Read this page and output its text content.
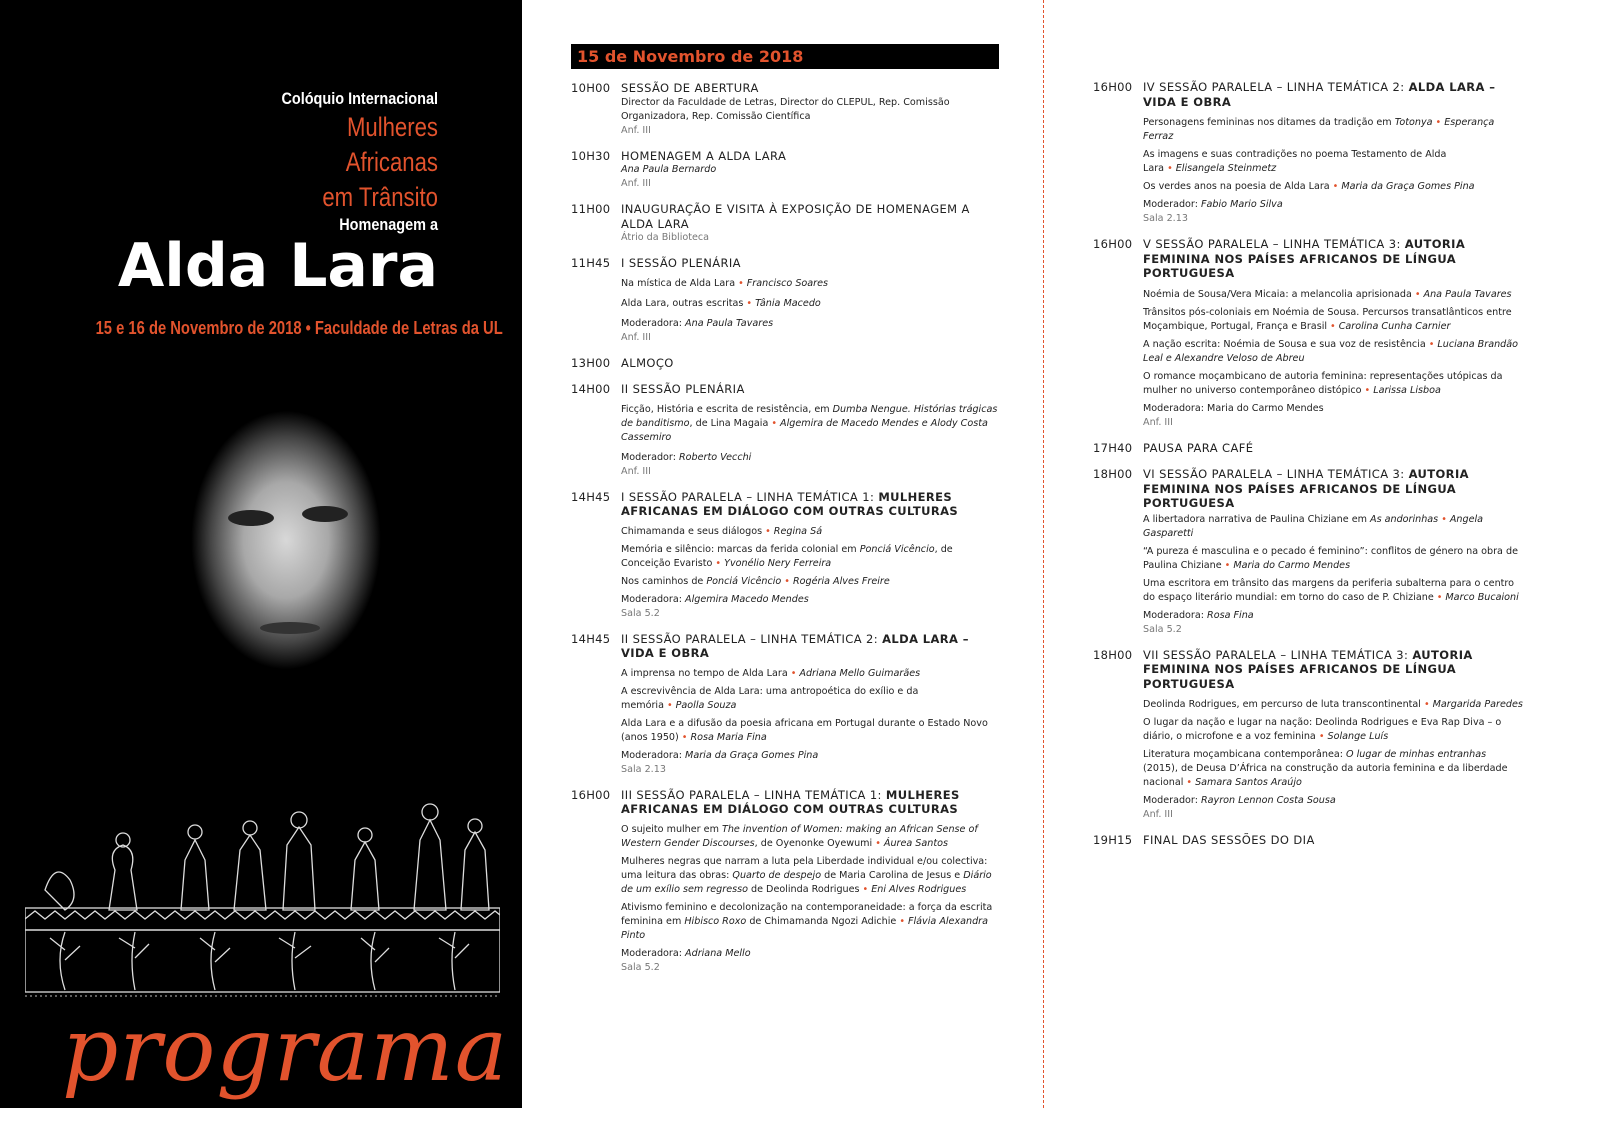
Colóquio Internacional
Mulheres
Africanas
em Trânsito
Homenagem a
Alda Lara
15 e 16 de Novembro de 2018 • Faculdade de Letras da UL
programa
15 de Novembro de 2018
10H00 SESSÃO DE ABERTURA
Director da Faculdade de Letras, Director do CLEPUL, Rep. Comissão Organizadora, Rep. Comissão Científica
Anf. III
10H30 HOMENAGEM A ALDA LARA
Ana Paula Bernardo
Anf. III
11H00 INAUGURAÇÃO E VISITA À EXPOSIÇÃO DE HOMENAGEM A ALDA LARA
Átrio da Biblioteca
11H45 I SESSÃO PLENÁRIA
Na mística de Alda Lara • Francisco Soares
Alda Lara, outras escritas • Tânia Macedo
Moderadora: Ana Paula Tavares
Anf. III
13H00 ALMOÇO
14H00 II SESSÃO PLENÁRIA
Ficção, História e escrita de resistência, em Dumba Nengue. Histórias trágicas de banditismo, de Lina Magaia • Algemira de Macedo Mendes e Alody Costa Cassemiro
Moderador: Roberto Vecchi
Anf. III
14H45 I SESSÃO PARALELA – LINHA TEMÁTICA 1: MULHERES AFRICANAS EM DIÁLOGO COM OUTRAS CULTURAS
Chimamanda e seus diálogos • Regina Sá
Memória e silêncio: marcas da ferida colonial em Ponciá Vicêncio, de Conceição Evaristo • Yvonélio Nery Ferreira
Nos caminhos de Ponciá Vicêncio • Rogéria Alves Freire
Moderadora: Algemira Macedo Mendes
Sala 5.2
14H45 II SESSÃO PARALELA – LINHA TEMÁTICA 2: ALDA LARA – VIDA E OBRA
A imprensa no tempo de Alda Lara • Adriana Mello Guimarães
A escrevivência de Alda Lara: uma antropoética do exílio e da memória • Paolla Souza
Alda Lara e a difusão da poesia africana em Portugal durante o Estado Novo (anos 1950) • Rosa Maria Fina
Moderadora: Maria da Graça Gomes Pina
Sala 2.13
16H00 III SESSÃO PARALELA – LINHA TEMÁTICA 1: MULHERES AFRICANAS EM DIÁLOGO COM OUTRAS CULTURAS
O sujeito mulher em The invention of Women: making an African Sense of Western Gender Discourses, de Oyenonke Oyewumi • Áurea Santos
Mulheres negras que narram a luta pela Liberdade individual e/ou colectiva: uma leitura das obras: Quarto de despejo de Maria Carolina de Jesus e Diário de um exílio sem regresso de Deolinda Rodrigues • Eni Alves Rodrigues
Ativismo feminino e decolonização na contemporaneidade: a força da escrita feminina em Hibisco Roxo de Chimamanda Ngozi Adichie • Flávia Alexandra Pinto
Moderadora: Adriana Mello
Sala 5.2
16H00 IV SESSÃO PARALELA – LINHA TEMÁTICA 2: ALDA LARA – VIDA E OBRA
Personagens femininas nos ditames da tradição em Totonya • Esperança Ferraz
As imagens e suas contradições no poema Testamento de Alda Lara • Elisangela Steinmetz
Os verdes anos na poesia de Alda Lara • Maria da Graça Gomes Pina
Moderador: Fabio Mario Silva
Sala 2.13
16H00 V SESSÃO PARALELA – LINHA TEMÁTICA 3: AUTORIA FEMININA NOS PAÍSES AFRICANOS DE LÍNGUA PORTUGUESA
Noémia de Sousa/Vera Micaia: a melancolia aprisionada • Ana Paula Tavares
Trânsitos pós-coloniais em Noémia de Sousa. Percursos transatlânticos entre Moçambique, Portugal, França e Brasil • Carolina Cunha Carnier
A nação escrita: Noémia de Sousa e sua voz de resistência • Luciana Brandão Leal e Alexandre Veloso de Abreu
O romance moçambicano de autoria feminina: representações utópicas da mulher no universo contemporâneo distópico • Larissa Lisboa
Moderadora: Maria do Carmo Mendes
Anf. III
17H40 PAUSA PARA CAFÉ
18H00 VI SESSÃO PARALELA – LINHA TEMÁTICA 3: AUTORIA FEMININA NOS PAÍSES AFRICANOS DE LÍNGUA PORTUGUESA
A libertadora narrativa de Paulina Chiziane em As andorinhas • Angela Gasparetti
“A pureza é masculina e o pecado é feminino”: conflitos de género na obra de Paulina Chiziane • Maria do Carmo Mendes
Uma escritora em trânsito das margens da periferia subalterna para o centro do espaço literário mundial: em torno do caso de P. Chiziane • Marco Bucaioni
Moderadora: Rosa Fina
Sala 5.2
18H00 VII SESSÃO PARALELA – LINHA TEMÁTICA 3: AUTORIA FEMININA NOS PAÍSES AFRICANOS DE LÍNGUA PORTUGUESA
Deolinda Rodrigues, em percurso de luta transcontinental • Margarida Paredes
O lugar da nação e lugar na nação: Deolinda Rodrigues e Eva Rap Diva – o diário, o microfone e a voz feminina • Solange Luís
Literatura moçambicana contemporânea: O lugar de minhas entranhas (2015), de Deusa D’África na construção da autoria feminina e da liberdade nacional • Samara Santos Araújo
Moderador: Rayron Lennon Costa Sousa
Anf. III
19H15 FINAL DAS SESSÕES DO DIA
